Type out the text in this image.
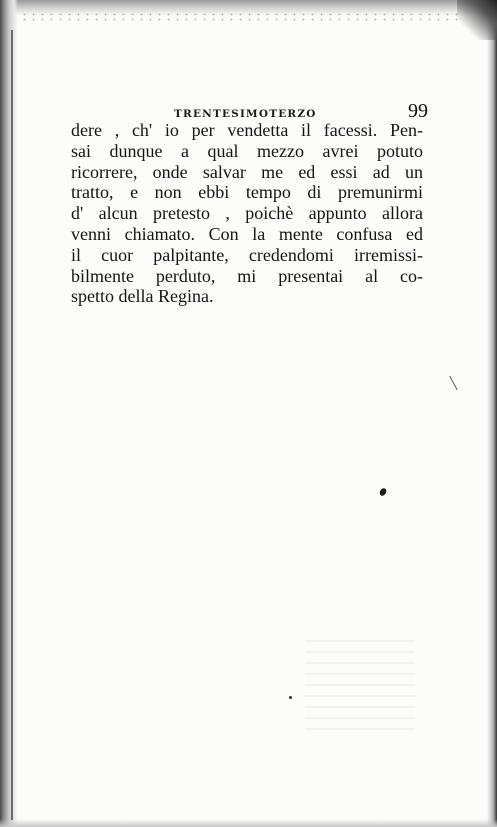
TRENTESIMOTERZO	99
dere , ch' io per vendetta il facessi. Pen-
sai dunque a qual mezzo avrei potuto
ricorrere, onde salvar me ed essi ad un
tratto, e non ebbi tempo di premunirmi
d' alcun pretesto , poichè appunto allora
venni chiamato. Con la mente confusa ed
il cuor palpitante, credendomi irremissi-
bilmente perduto, mi presentai al co-
spetto della Regina.
